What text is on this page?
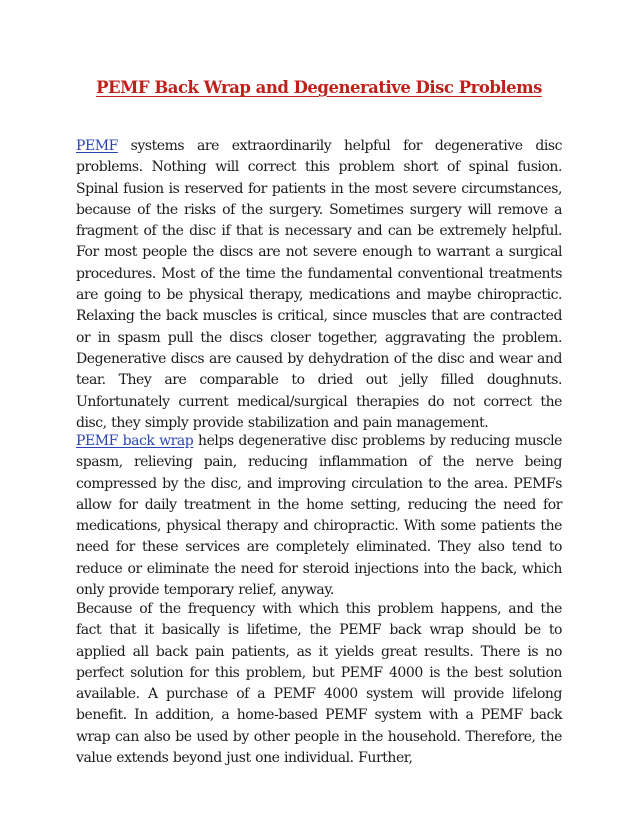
PEMF Back Wrap and Degenerative Disc Problems

PEMF systems are extraordinarily helpful for degenerative disc problems. Nothing will correct this problem short of spinal fusion. Spinal fusion is reserved for patients in the most severe circumstances, because of the risks of the surgery. Sometimes surgery will remove a fragment of the disc if that is necessary and can be extremely helpful. For most people the discs are not severe enough to warrant a surgical procedures. Most of the time the fundamental conventional treatments are going to be physical therapy, medications and maybe chiropractic. Relaxing the back muscles is critical, since muscles that are contracted or in spasm pull the discs closer together, aggravating the problem. Degenerative discs are caused by dehydration of the disc and wear and tear. They are comparable to dried out jelly filled doughnuts. Unfortunately current medical/surgical therapies do not correct the disc, they simply provide stabilization and pain management.

PEMF back wrap helps degenerative disc problems by reducing muscle spasm, relieving pain, reducing inflammation of the nerve being compressed by the disc, and improving circulation to the area. PEMFs allow for daily treatment in the home setting, reducing the need for medications, physical therapy and chiropractic. With some patients the need for these services are completely eliminated. They also tend to reduce or eliminate the need for steroid injections into the back, which only provide temporary relief, anyway.

Because of the frequency with which this problem happens, and the fact that it basically is lifetime, the PEMF back wrap should be to applied all back pain patients, as it yields great results. There is no perfect solution for this problem, but PEMF 4000 is the best solution available. A purchase of a PEMF 4000 system will provide lifelong benefit. In addition, a home-based PEMF system with a PEMF back wrap can also be used by other people in the household. Therefore, the value extends beyond just one individual. Further,
